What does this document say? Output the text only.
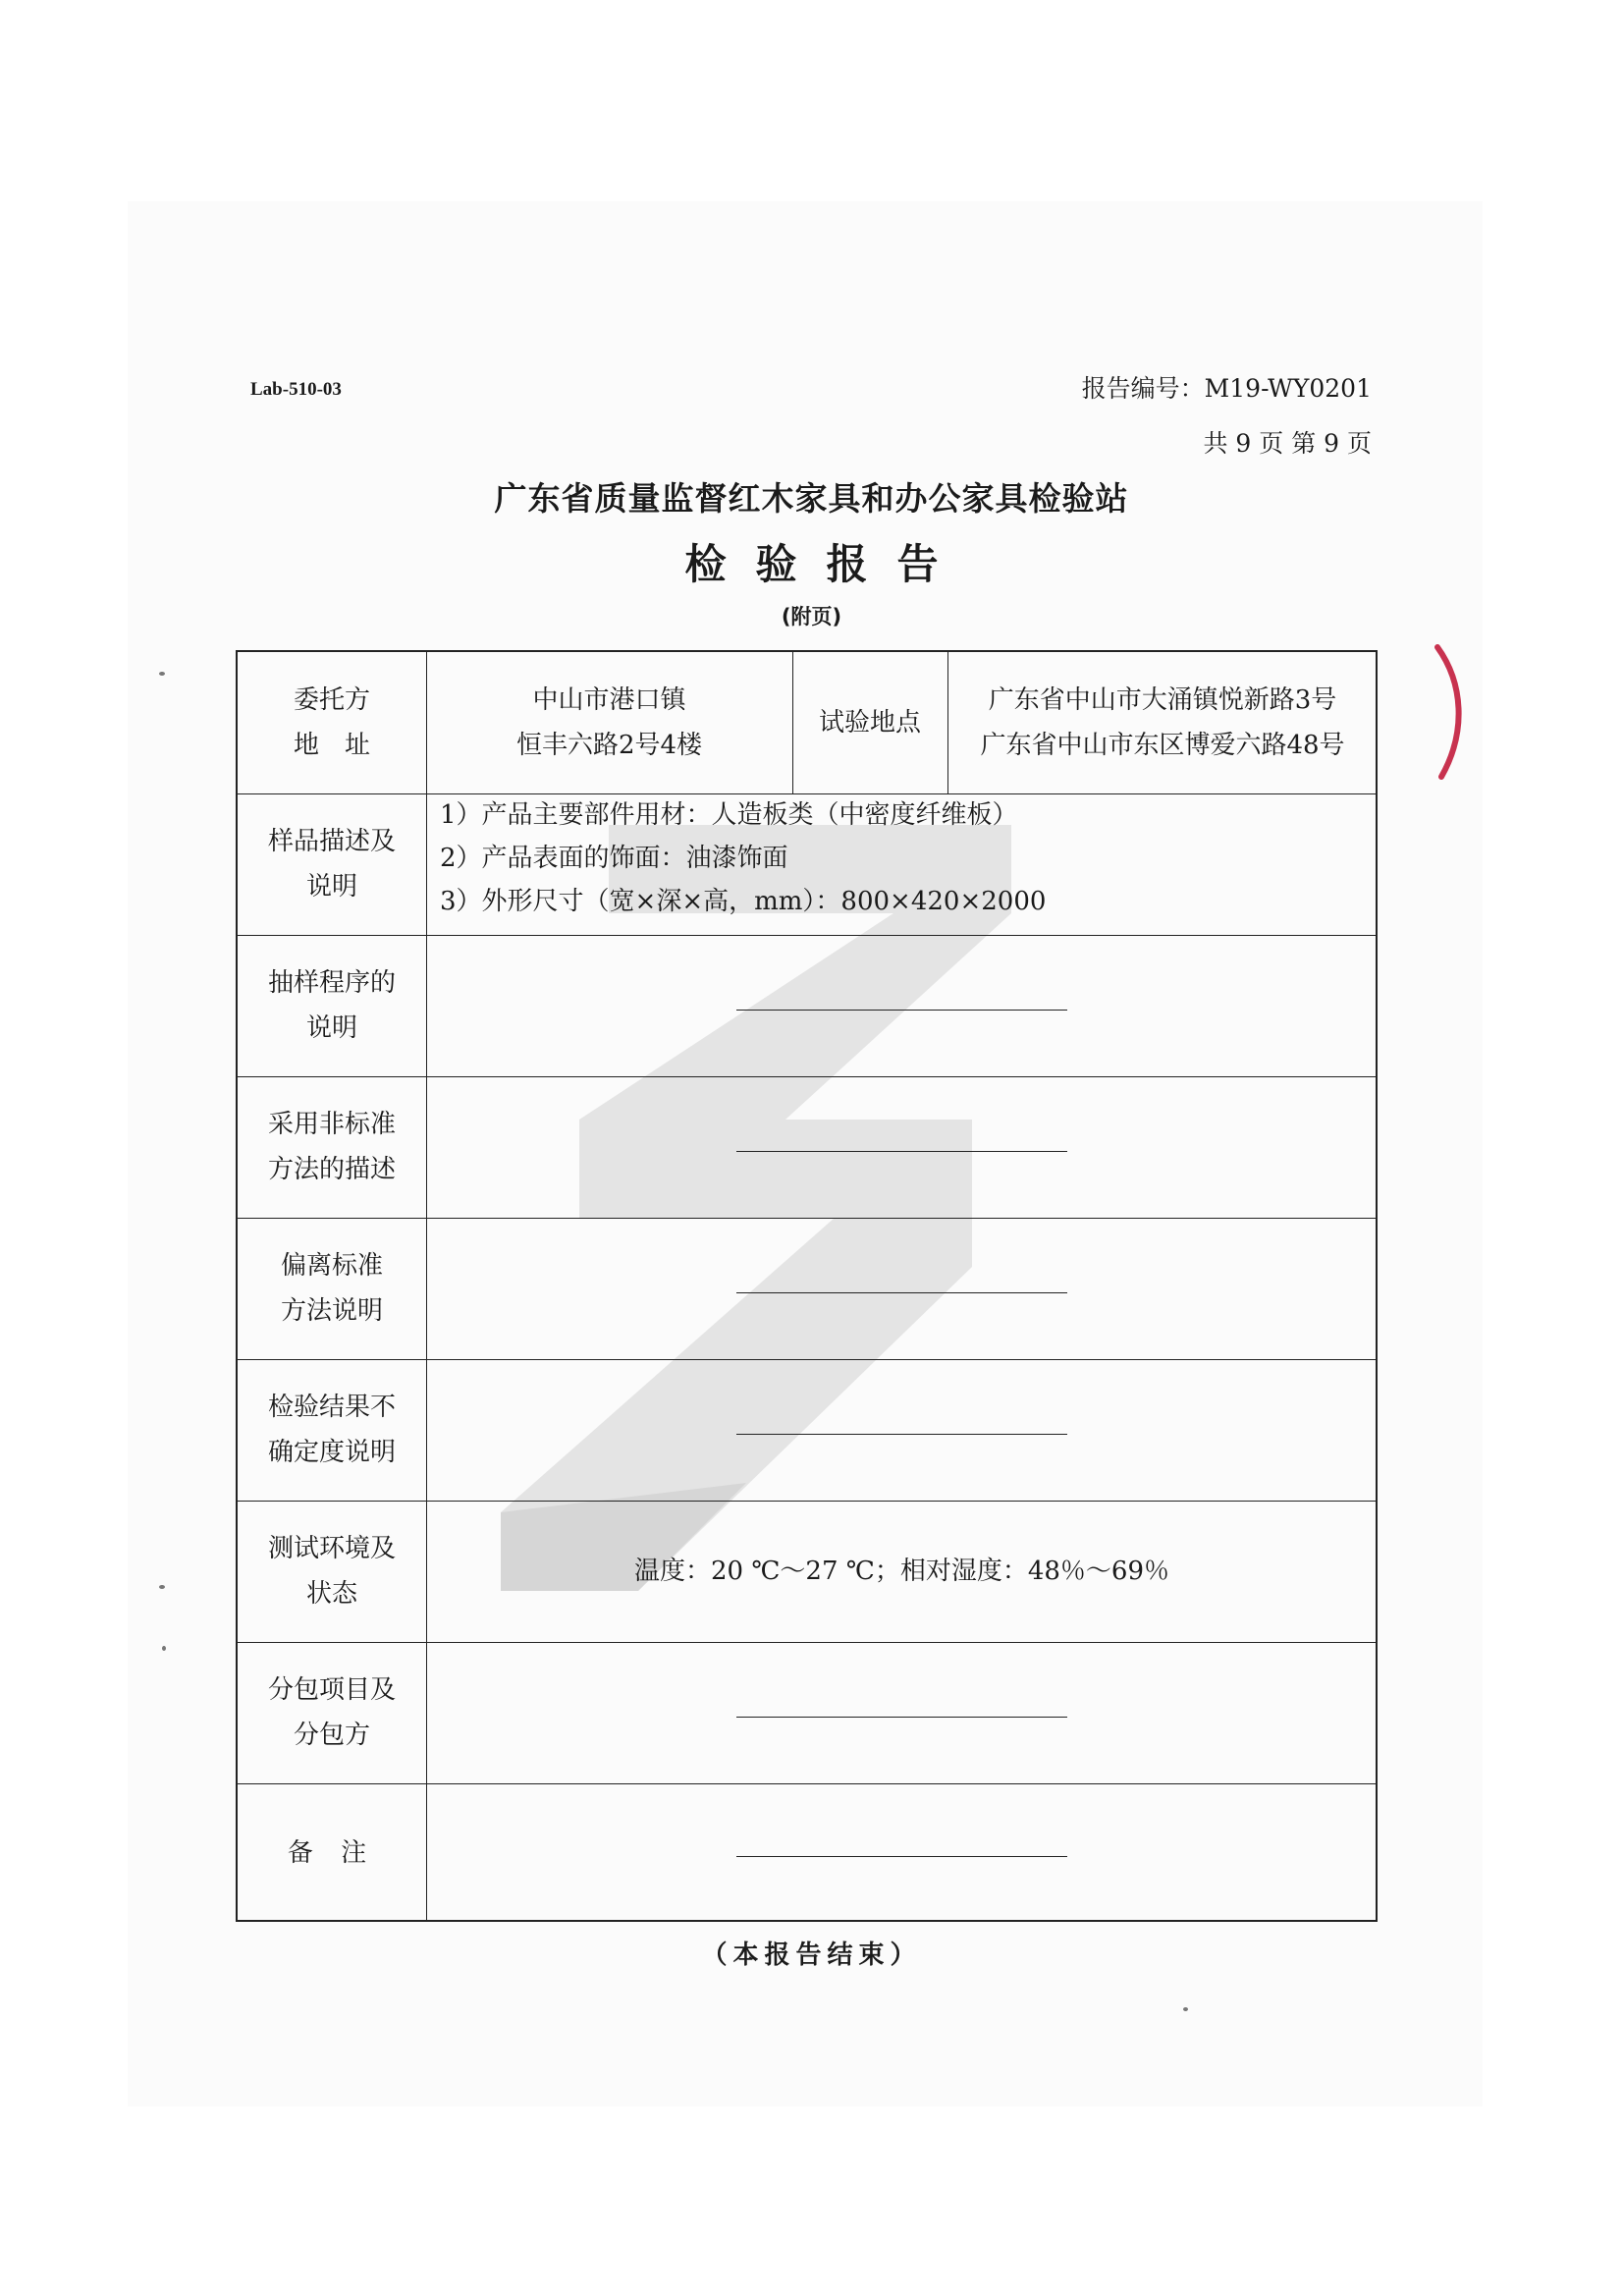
Lab-510-03	报告编号：M19-WY0201
共 9 页 第 9 页
广东省质量监督红木家具和办公家具检验站
检验报告
(附页)
委托方
地　址
中山市港口镇
恒丰六路2号4楼
试验地点
广东省中山市大涌镇悦新路3号
广东省中山市东区博爱六路48号
样品描述及
说明
1）产品主要部件用材：人造板类（中密度纤维板）
2）产品表面的饰面：油漆饰面
3）外形尺寸（宽×深×高，mm）：800×420×2000
抽样程序的
说明
采用非标准
方法的描述
偏离标准
方法说明
检验结果不
确定度说明
测试环境及
状态
温度：20 ℃～27 ℃；相对湿度：48％～69％
分包项目及
分包方
备 注
（本报告结束）
